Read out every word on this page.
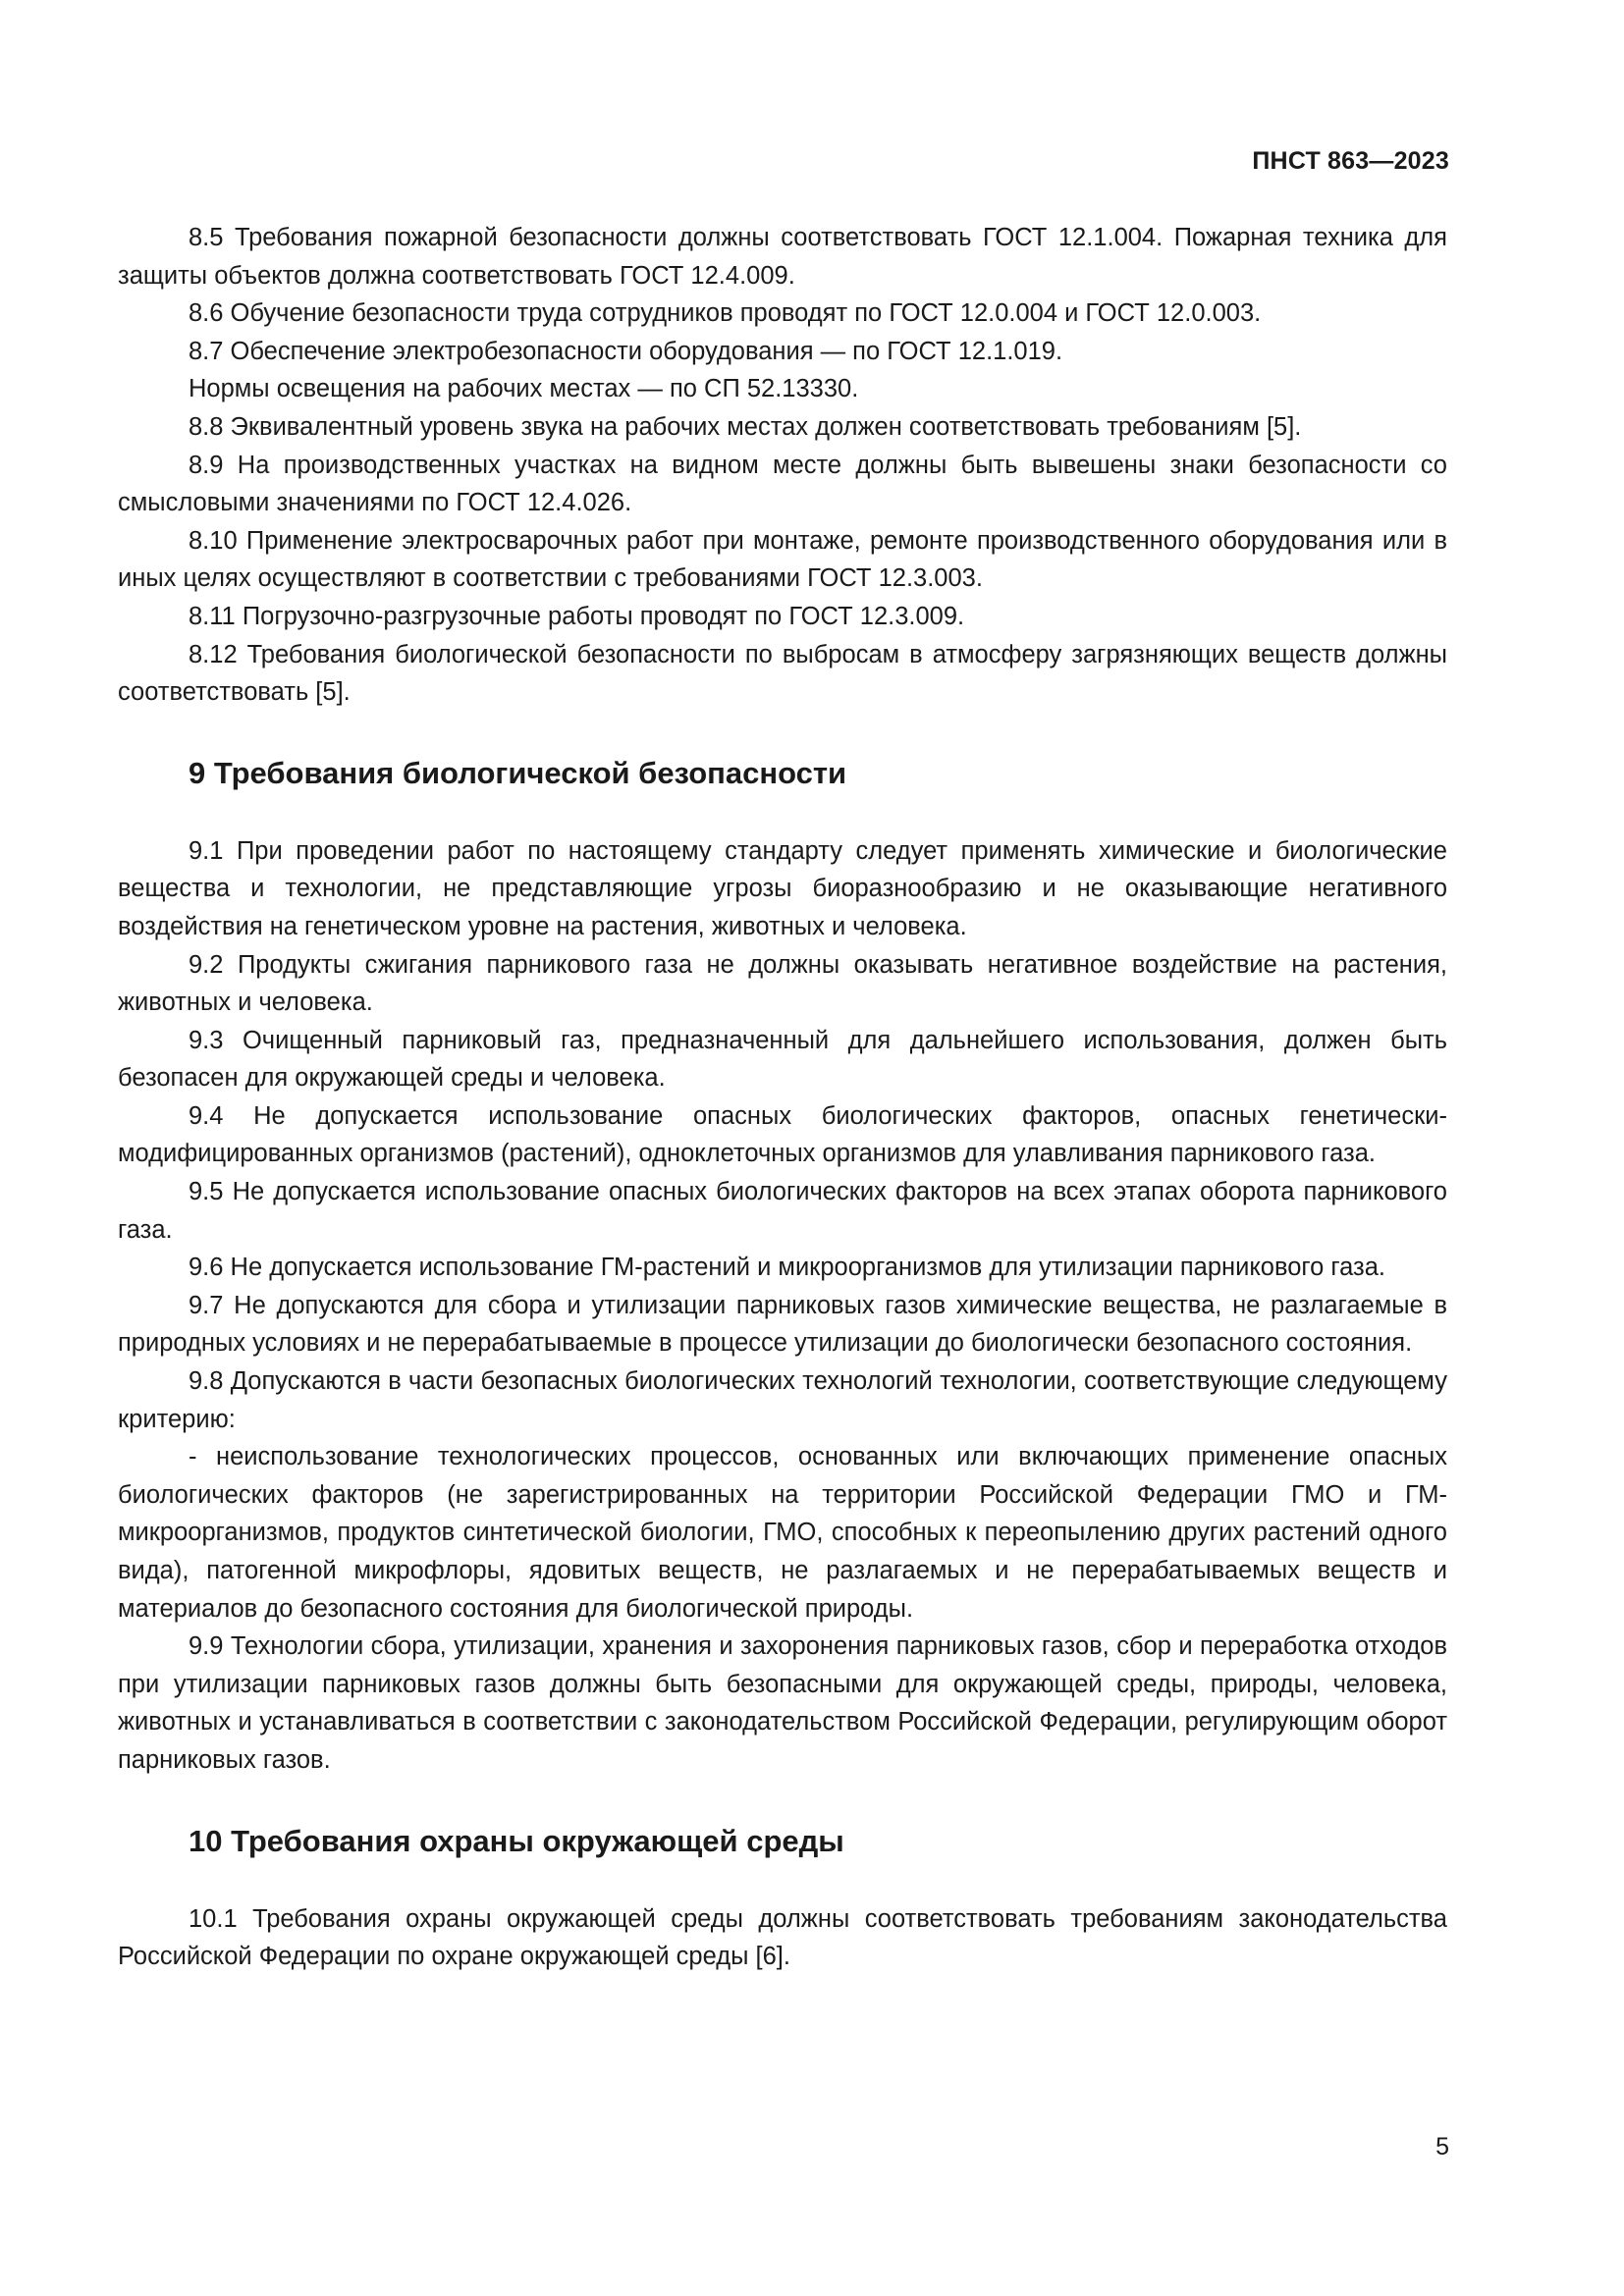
ПНСТ 863—2023

8.5 Требования пожарной безопасности должны соответствовать ГОСТ 12.1.004. Пожарная техника для защиты объектов должна соответствовать ГОСТ 12.4.009.

8.6 Обучение безопасности труда сотрудников проводят по ГОСТ 12.0.004 и ГОСТ 12.0.003.

8.7 Обеспечение электробезопасности оборудования — по ГОСТ 12.1.019.

Нормы освещения на рабочих местах — по СП 52.13330.

8.8 Эквивалентный уровень звука на рабочих местах должен соответствовать требованиям [5].

8.9 На производственных участках на видном месте должны быть вывешены знаки безопасности со смысловыми значениями по ГОСТ 12.4.026.

8.10 Применение электросварочных работ при монтаже, ремонте производственного оборудования или в иных целях осуществляют в соответствии с требованиями ГОСТ 12.3.003.

8.11 Погрузочно-разгрузочные работы проводят по ГОСТ 12.3.009.

8.12 Требования биологической безопасности по выбросам в атмосферу загрязняющих веществ должны соответствовать [5].

9 Требования биологической безопасности

9.1 При проведении работ по настоящему стандарту следует применять химические и биологические вещества и технологии, не представляющие угрозы биоразнообразию и не оказывающие негативного воздействия на генетическом уровне на растения, животных и человека.

9.2 Продукты сжигания парникового газа не должны оказывать негативное воздействие на растения, животных и человека.

9.3 Очищенный парниковый газ, предназначенный для дальнейшего использования, должен быть безопасен для окружающей среды и человека.

9.4 Не допускается использование опасных биологических факторов, опасных генетически-модифицированных организмов (растений), одноклеточных организмов для улавливания парникового газа.

9.5 Не допускается использование опасных биологических факторов на всех этапах оборота парникового газа.

9.6 Не допускается использование ГМ-растений и микроорганизмов для утилизации парникового газа.

9.7 Не допускаются для сбора и утилизации парниковых газов химические вещества, не разлагаемые в природных условиях и не перерабатываемые в процессе утилизации до биологически безопасного состояния.

9.8 Допускаются в части безопасных биологических технологий технологии, соответствующие следующему критерию:

- неиспользование технологических процессов, основанных или включающих применение опасных биологических факторов (не зарегистрированных на территории Российской Федерации ГМО и ГМ-микроорганизмов, продуктов синтетической биологии, ГМО, способных к переопылению других растений одного вида), патогенной микрофлоры, ядовитых веществ, не разлагаемых и не перерабатываемых веществ и материалов до безопасного состояния для биологической природы.

9.9 Технологии сбора, утилизации, хранения и захоронения парниковых газов, сбор и переработка отходов при утилизации парниковых газов должны быть безопасными для окружающей среды, природы, человека, животных и устанавливаться в соответствии с законодательством Российской Федерации, регулирующим оборот парниковых газов.

10 Требования охраны окружающей среды

10.1 Требования охраны окружающей среды должны соответствовать требованиям законодательства Российской Федерации по охране окружающей среды [6].

5
